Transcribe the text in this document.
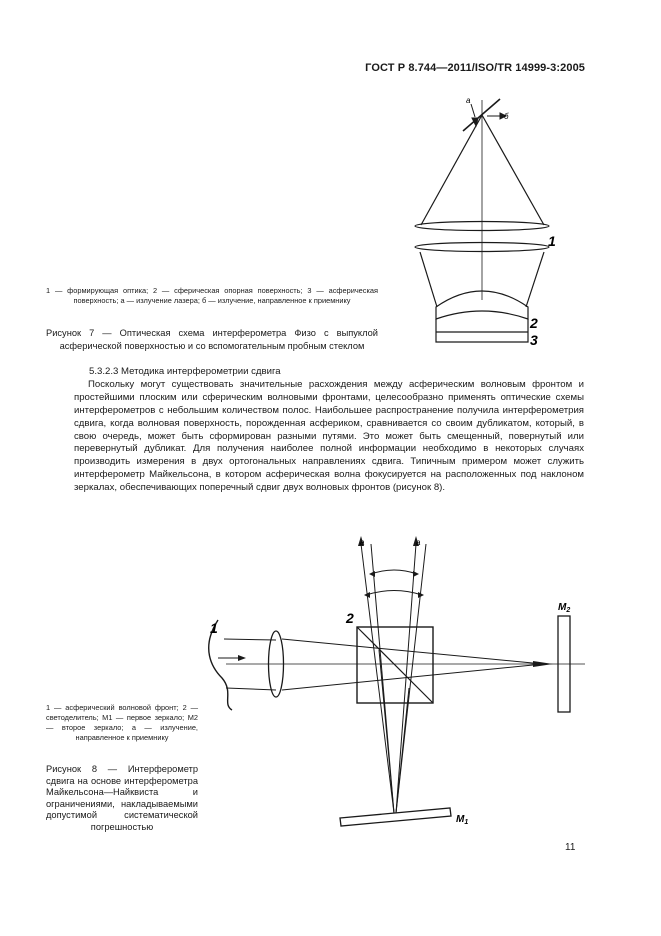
ГОСТ Р 8.744—2011/ISO/TR 14999-3:2005
а
б
1
2
3
1 — формирующая оптика; 2 — сферическая опорная поверхность; 3 — асферическая поверхность; а — излучение лазера; б — излучение, направленное к приемнику
Рисунок 7 — Оптическая схема интерферометра Физо с выпуклой асферической поверхностью и со вспомогательным пробным стеклом

5.3.2.3 Методика интерферометрии сдвига

Поскольку могут существовать значительные расхождения между асферическим волновым фронтом и простейшими плоским или сферическим волновыми фронтами, целесообразно применять оптические схемы интерферометров с небольшим количеством полос. Наибольшее распространение получила интерферометрия сдвига, когда волновая поверхность, порожденная асфериком, сравнивается со своим дубликатом, который, в свою очередь, может быть сформирован разными путями. Это может быть смещенный, повернутый или перевернутый дубликат. Для получения наиболее полной информации необходимо в некоторых случаях производить измерения в двух ортогональных направлениях сдвига. Типичным примером может служить интерферометр Майкельсона, в котором асферическая волна фокусируется на расположенных под наклоном зеркалах, обеспечивающих поперечный сдвиг двух волновых фронтов (рисунок 8).

1
2
а	а
$M_2$
$M_1$
1 — асферический волновой фронт; 2 — светоделитель; M1 — первое зеркало; M2 — второе зеркало; а — излучение, направленное к приемнику
Рисунок 8 — Интерферометр сдвига на основе интерферометра Майкельсона—Найквиста и ограничениями, накладываемыми допустимой систематической погрешностью
11
